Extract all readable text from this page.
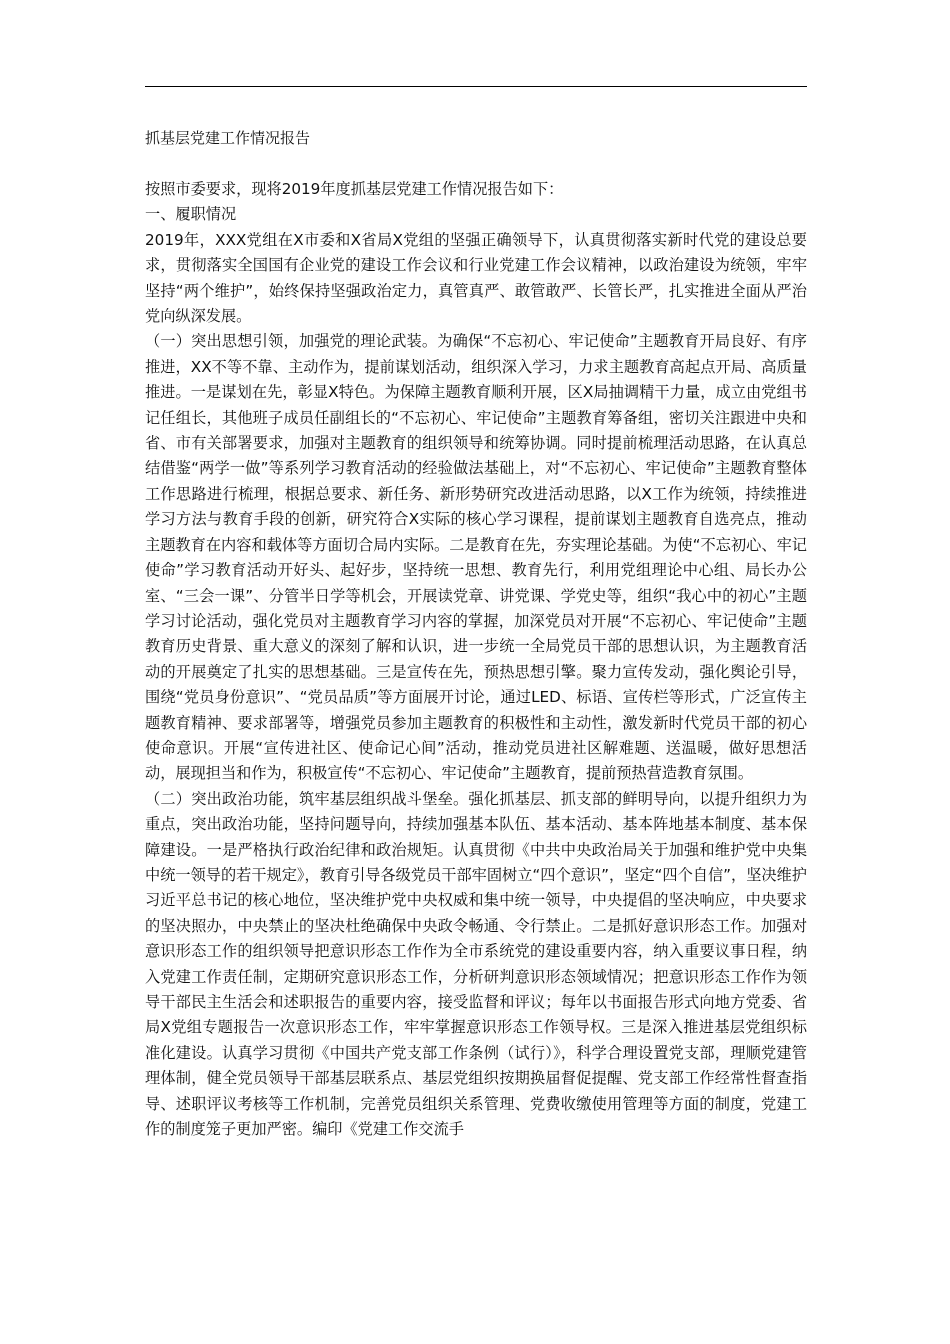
抓基层党建工作情况报告

按照市委要求，现将2019年度抓基层党建工作情况报告如下：

一、履职情况

2019年，XXX党组在X市委和X省局X党组的坚强正确领导下，认真贯彻落实新时代党的建设总要求，贯彻落实全国国有企业党的建设工作会议和行业党建工作会议精神，以政治建设为统领，牢牢坚持“两个维护”，始终保持坚强政治定力，真管真严、敢管敢严、长管长严，扎实推进全面从严治党向纵深发展。

（一）突出思想引领，加强党的理论武装。为确保“不忘初心、牢记使命”主题教育开局良好、有序推进，XX不等不靠、主动作为，提前谋划活动，组织深入学习，力求主题教育高起点开局、高质量推进。一是谋划在先，彰显X特色。为保障主题教育顺利开展，区X局抽调精干力量，成立由党组书记任组长，其他班子成员任副组长的“不忘初心、牢记使命”主题教育筹备组，密切关注跟进中央和省、市有关部署要求，加强对主题教育的组织领导和统筹协调。同时提前梳理活动思路，在认真总结借鉴“两学一做”等系列学习教育活动的经验做法基础上，对“不忘初心、牢记使命”主题教育整体工作思路进行梳理，根据总要求、新任务、新形势研究改进活动思路，以X工作为统领，持续推进学习方法与教育手段的创新，研究符合X实际的核心学习课程，提前谋划主题教育自选亮点，推动主题教育在内容和载体等方面切合局内实际。二是教育在先，夯实理论基础。为使“不忘初心、牢记使命”学习教育活动开好头、起好步，坚持统一思想、教育先行，利用党组理论中心组、局长办公室、“三会一课”、分管半日学等机会，开展读党章、讲党课、学党史等，组织“我心中的初心”主题学习讨论活动，强化党员对主题教育学习内容的掌握，加深党员对开展“不忘初心、牢记使命”主题教育历史背景、重大意义的深刻了解和认识，进一步统一全局党员干部的思想认识，为主题教育活动的开展奠定了扎实的思想基础。三是宣传在先，预热思想引擎。聚力宣传发动，强化舆论引导，围绕“党员身份意识”、“党员品质”等方面展开讨论，通过LED、标语、宣传栏等形式，广泛宣传主题教育精神、要求部署等，增强党员参加主题教育的积极性和主动性，激发新时代党员干部的初心使命意识。开展“宣传进社区、使命记心间”活动，推动党员进社区解难题、送温暖，做好思想活动，展现担当和作为，积极宣传“不忘初心、牢记使命”主题教育，提前预热营造教育氛围。

（二）突出政治功能，筑牢基层组织战斗堡垒。强化抓基层、抓支部的鲜明导向，以提升组织力为重点，突出政治功能，坚持问题导向，持续加强基本队伍、基本活动、基本阵地基本制度、基本保障建设。一是严格执行政治纪律和政治规矩。认真贯彻《中共中央政治局关于加强和维护党中央集中统一领导的若干规定》，教育引导各级党员干部牢固树立“四个意识”，坚定“四个自信”，坚决维护习近平总书记的核心地位，坚决维护党中央权威和集中统一领导，中央提倡的坚决响应，中央要求的坚决照办，中央禁止的坚决杜绝确保中央政令畅通、令行禁止。二是抓好意识形态工作。加强对意识形态工作的组织领导把意识形态工作作为全市系统党的建设重要内容，纳入重要议事日程，纳入党建工作责任制，定期研究意识形态工作，分析研判意识形态领域情况；把意识形态工作作为领导干部民主生活会和述职报告的重要内容，接受监督和评议；每年以书面报告形式向地方党委、省局X党组专题报告一次意识形态工作，牢牢掌握意识形态工作领导权。三是深入推进基层党组织标准化建设。认真学习贯彻《中国共产党支部工作条例（试行）》，科学合理设置党支部，理顺党建管理体制，健全党员领导干部基层联系点、基层党组织按期换届督促提醒、党支部工作经常性督查指导、述职评议考核等工作机制，完善党员组织关系管理、党费收缴使用管理等方面的制度，党建工作的制度笼子更加严密。编印《党建工作交流手
